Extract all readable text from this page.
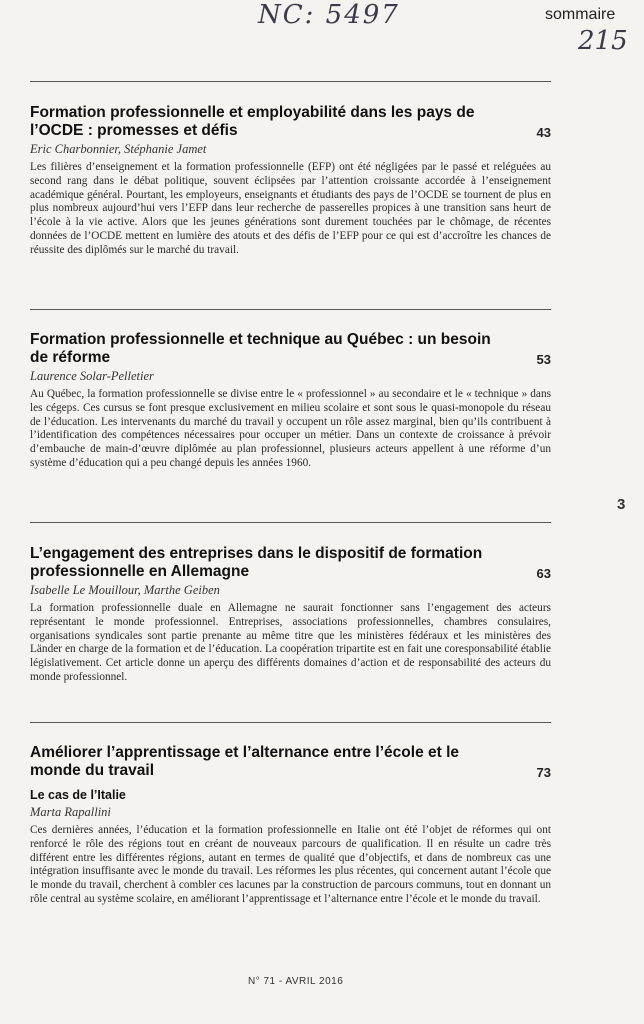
NC: 5497	sommaire
215
43
Formation professionnelle et employabilité dans les pays de l’OCDE : promesses et défis
Eric Charbonnier, Stéphanie Jamet

Les filières d’enseignement et la formation professionnelle (EFP) ont été négligées par le passé et reléguées au second rang dans le débat politique, souvent éclipsées par l’attention croissante accordée à l’enseignement académique général. Pourtant, les employeurs, enseignants et étudiants des pays de l’OCDE se tournent de plus en plus nombreux aujourd’hui vers l’EFP dans leur recherche de passerelles propices à une transition sans heurt de l’école à la vie active. Alors que les jeunes générations sont durement touchées par le chômage, de récentes données de l’OCDE mettent en lumière des atouts et des défis de l’EFP pour ce qui est d’accroître les chances de réussite des diplômés sur le marché du travail.

53
Formation professionnelle et technique au Québec : un besoin de réforme
Laurence Solar-Pelletier

Au Québec, la formation professionnelle se divise entre le « professionnel » au secondaire et le « technique » dans les cégeps. Ces cursus se font presque exclusivement en milieu scolaire et sont sous le quasi-monopole du réseau de l’éducation. Les intervenants du marché du travail y occupent un rôle assez marginal, bien qu’ils contribuent à l’identification des compétences nécessaires pour occuper un métier. Dans un contexte de croissance à prévoir d’embauche de main-d’œuvre diplômée au plan professionnel, plusieurs acteurs appellent à une réforme d’un système d’éducation qui a peu changé depuis les années 1960.

63
L’engagement des entreprises dans le dispositif de formation professionnelle en Allemagne
Isabelle Le Mouillour, Marthe Geiben

La formation professionnelle duale en Allemagne ne saurait fonctionner sans l’engagement des acteurs représentant le monde professionnel. Entreprises, associations professionnelles, chambres consulaires, organisations syndicales sont partie prenante au même titre que les ministères fédéraux et les ministères des Länder en charge de la formation et de l’éducation. La coopération tripartite est en fait une coresponsabilité établie législativement. Cet article donne un aperçu des différents domaines d’action et de responsabilité des acteurs du monde professionnel.

73
Améliorer l’apprentissage et l’alternance entre l’école et le monde du travail
Le cas de l’Italie
Marta Rapallini

Ces dernières années, l’éducation et la formation professionnelle en Italie ont été l’objet de réformes qui ont renforcé le rôle des régions tout en créant de nouveaux parcours de qualification. Il en résulte un cadre très différent entre les différentes régions, autant en termes de qualité que d’objectifs, et dans de nombreux cas une intégration insuffisante avec le monde du travail. Les réformes les plus récentes, qui concernent autant l’école que le monde du travail, cherchent à combler ces lacunes par la construction de parcours communs, tout en donnant un rôle central au système scolaire, en améliorant l’apprentissage et l’alternance entre l’école et le monde du travail.

3
N° 71 - AVRIL 2016
